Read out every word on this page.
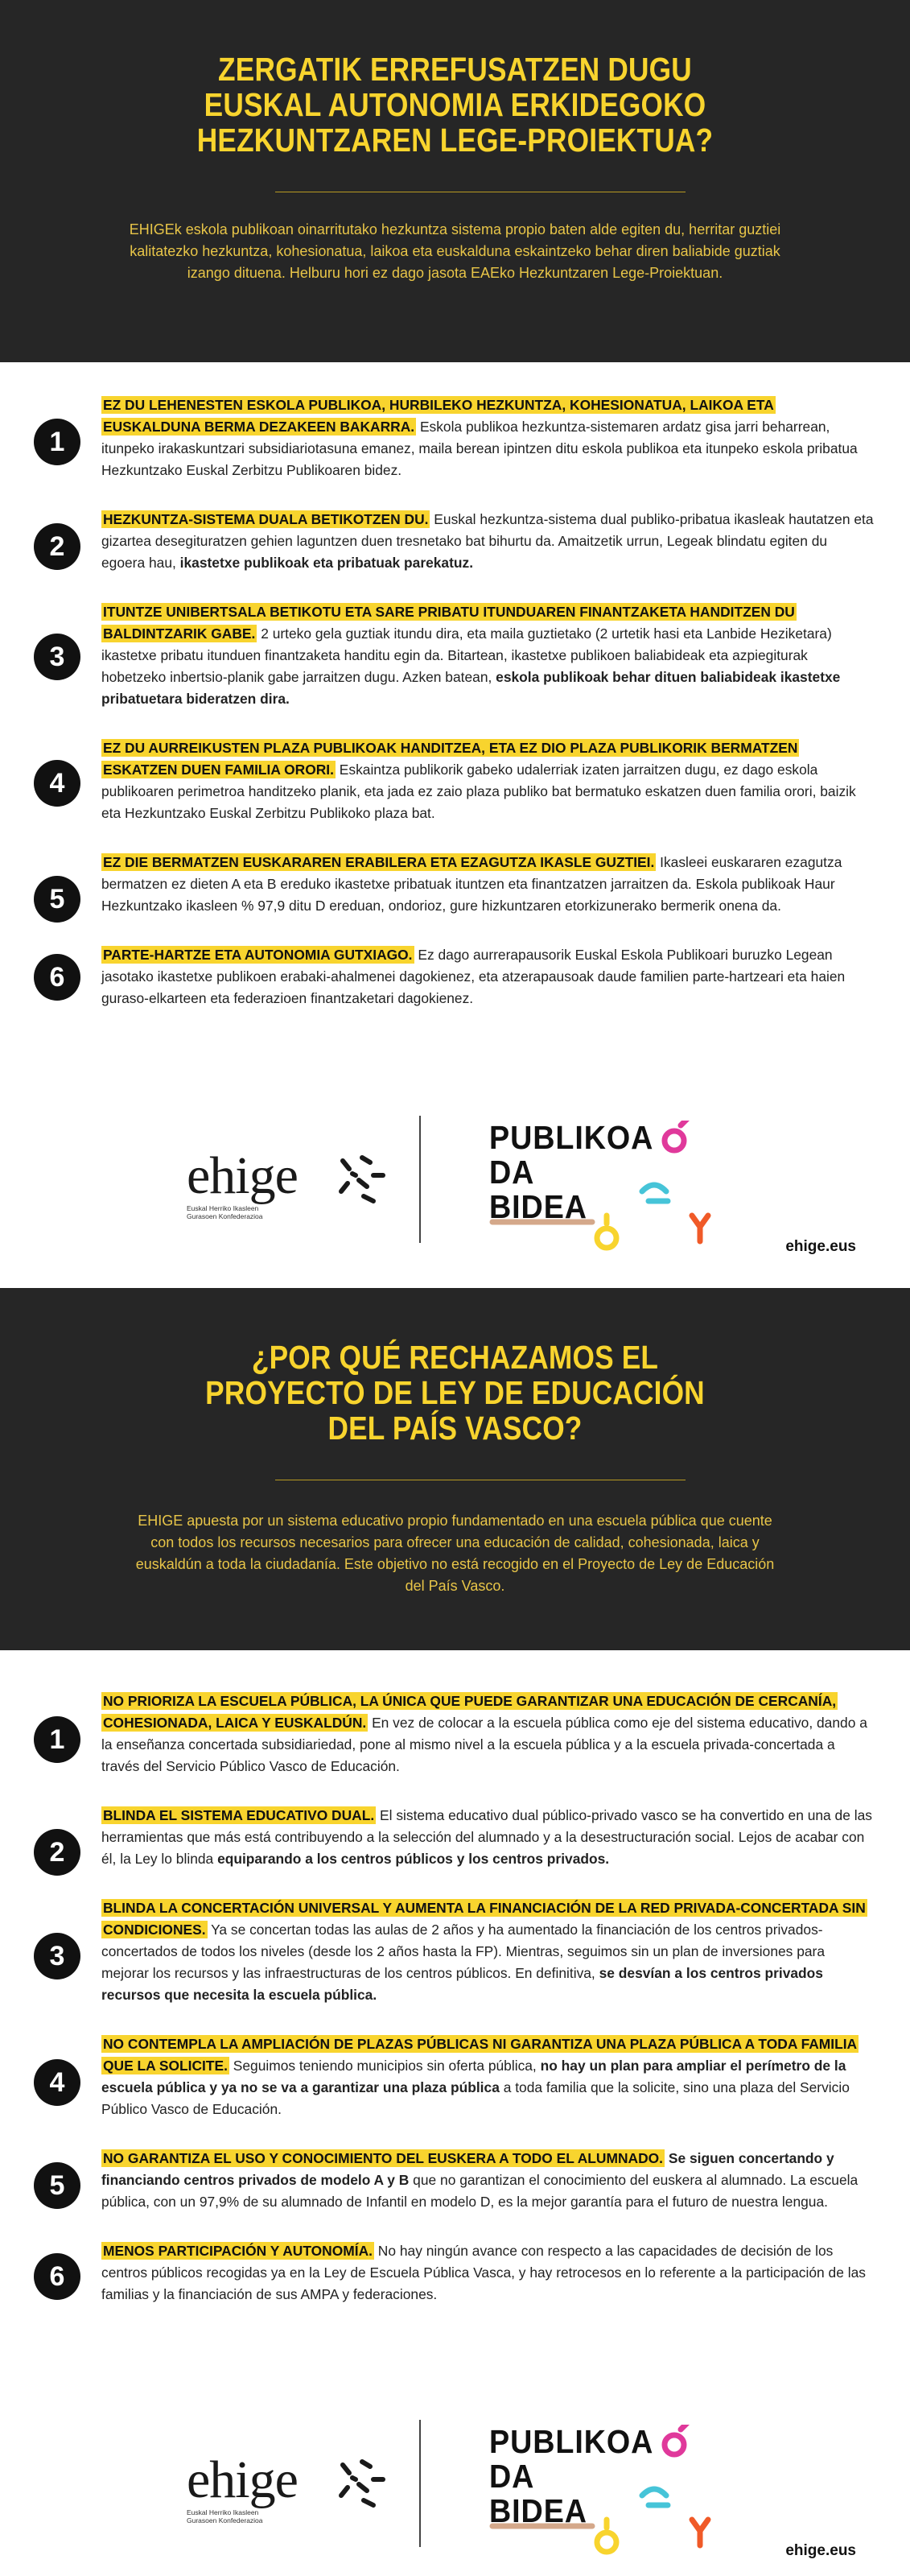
ZERGATIK ERREFUSATZEN DUGU
EUSKAL AUTONOMIA ERKIDEGOKO
HEZKUNTZAREN LEGE-PROIEKTUA?

EHIGEk eskola publikoan oinarritutako hezkuntza sistema propio baten alde egiten du, herritar guztiei kalitatezko hezkuntza, kohesionatua, laikoa eta euskalduna eskaintzeko behar diren baliabide guztiak izango dituena. Helburu hori ez dago jasota EAEko Hezkuntzaren Lege-Proiektuan.

1

EZ DU LEHENESTEN ESKOLA PUBLIKOA, HURBILEKO HEZKUNTZA, KOHESIONATUA, LAIKOA ETA EUSKALDUNA BERMA DEZAKEEN BAKARRA. Eskola publikoa hezkuntza-sistemaren ardatz gisa jarri beharrean, itunpeko irakaskuntzari subsidiariotasuna emanez, maila berean ipintzen ditu eskola publikoa eta itunpeko eskola pribatua Hezkuntzako Euskal Zerbitzu Publikoaren bidez.

2

HEZKUNTZA-SISTEMA DUALA BETIKOTZEN DU. Euskal hezkuntza-sistema dual publiko-pribatua ikasleak hautatzen eta gizartea desegituratzen gehien laguntzen duen tresnetako bat bihurtu da. Amaitzetik urrun, Legeak blindatu egiten du egoera hau, ikastetxe publikoak eta pribatuak parekatuz.

3

ITUNTZE UNIBERTSALA BETIKOTU ETA SARE PRIBATU ITUNDUAREN FINANTZAKETA HANDITZEN DU BALDINTZARIK GABE. 2 urteko gela guztiak itundu dira, eta maila guztietako (2 urtetik hasi eta Lanbide Heziketara) ikastetxe pribatu itunduen finantzaketa handitu egin da. Bitartean, ikastetxe publikoen baliabideak eta azpiegiturak hobetzeko inbertsio-planik gabe jarraitzen dugu. Azken batean, eskola publikoak behar dituen baliabideak ikastetxe pribatuetara bideratzen dira.

4

EZ DU AURREIKUSTEN PLAZA PUBLIKOAK HANDITZEA, ETA EZ DIO PLAZA PUBLIKORIK BERMATZEN ESKATZEN DUEN FAMILIA ORORI. Eskaintza publikorik gabeko udalerriak izaten jarraitzen dugu, ez dago eskola publikoaren perimetroa handitzeko planik, eta jada ez zaio plaza publiko bat bermatuko eskatzen duen familia orori, baizik eta Hezkuntzako Euskal Zerbitzu Publikoko plaza bat.

5

EZ DIE BERMATZEN EUSKARAREN ERABILERA ETA EZAGUTZA IKASLE GUZTIEI. Ikasleei euskararen ezagutza bermatzen ez dieten A eta B ereduko ikastetxe pribatuak ituntzen eta finantzatzen jarraitzen da. Eskola publikoak Haur Hezkuntzako ikasleen % 97,9 ditu D ereduan, ondorioz, gure hizkuntzaren etorkizunerako bermerik onena da.

6

PARTE-HARTZE ETA AUTONOMIA GUTXIAGO. Ez dago aurrerapausorik Euskal Eskola Publikoari buruzko Legean jasotako ikastetxe publikoen erabaki-ahalmenei dagokienez, eta atzerapausoak daude familien parte-hartzeari eta haien guraso-elkarteen eta federazioen finantzaketari dagokienez.

ehige
Euskal Herriko Ikasleen
Gurasoen Konfederazioa
PUBLIKOA
DA
BIDEA
ehige.eus
¿POR QUÉ RECHAZAMOS EL
PROYECTO DE LEY DE EDUCACIÓN
DEL PAÍS VASCO?

EHIGE apuesta por un sistema educativo propio fundamentado en una escuela pública que cuente con todos los recursos necesarios para ofrecer una educación de calidad, cohesionada, laica y euskaldún a toda la ciudadanía. Este objetivo no está recogido en el Proyecto de Ley de Educación del País Vasco.

1

NO PRIORIZA LA ESCUELA PÚBLICA, LA ÚNICA QUE PUEDE GARANTIZAR UNA EDUCACIÓN DE CERCANÍA, COHESIONADA, LAICA Y EUSKALDÚN. En vez de colocar a la escuela pública como eje del sistema educativo, dando a la enseñanza concertada subsidiariedad, pone al mismo nivel a la escuela pública y a la escuela privada-concertada a través del Servicio Público Vasco de Educación.

2

BLINDA EL SISTEMA EDUCATIVO DUAL. El sistema educativo dual público-privado vasco se ha convertido en una de las herramientas que más está contribuyendo a la selección del alumnado y a la desestructuración social. Lejos de acabar con él, la Ley lo blinda equiparando a los centros públicos y los centros privados.

3

BLINDA LA CONCERTACIÓN UNIVERSAL Y AUMENTA LA FINANCIACIÓN DE LA RED PRIVADA-CONCERTADA SIN CONDICIONES. Ya se concertan todas las aulas de 2 años y ha aumentado la financiación de los centros privados-concertados de todos los niveles (desde los 2 años hasta la FP). Mientras, seguimos sin un plan de inversiones para mejorar los recursos y las infraestructuras de los centros públicos. En definitiva, se desvían a los centros privados recursos que necesita la escuela pública.

4

NO CONTEMPLA LA AMPLIACIÓN DE PLAZAS PÚBLICAS NI GARANTIZA UNA PLAZA PÚBLICA A TODA FAMILIA QUE LA SOLICITE. Seguimos teniendo municipios sin oferta pública, no hay un plan para ampliar el perímetro de la escuela pública y ya no se va a garantizar una plaza pública a toda familia que la solicite, sino una plaza del Servicio Público Vasco de Educación.

5

NO GARANTIZA EL USO Y CONOCIMIENTO DEL EUSKERA A TODO EL ALUMNADO. Se siguen concertando y financiando centros privados de modelo A y B que no garantizan el conocimiento del euskera al alumnado. La escuela pública, con un 97,9% de su alumnado de Infantil en modelo D, es la mejor garantía para el futuro de nuestra lengua.

6

MENOS PARTICIPACIÓN Y AUTONOMÍA. No hay ningún avance con respecto a las capacidades de decisión de los centros públicos recogidas ya en la Ley de Escuela Pública Vasca, y hay retrocesos en lo referente a la participación de las familias y la financiación de sus AMPA y federaciones.

ehige
Euskal Herriko Ikasleen
Gurasoen Konfederazioa
PUBLIKOA
DA
BIDEA
ehige.eus
